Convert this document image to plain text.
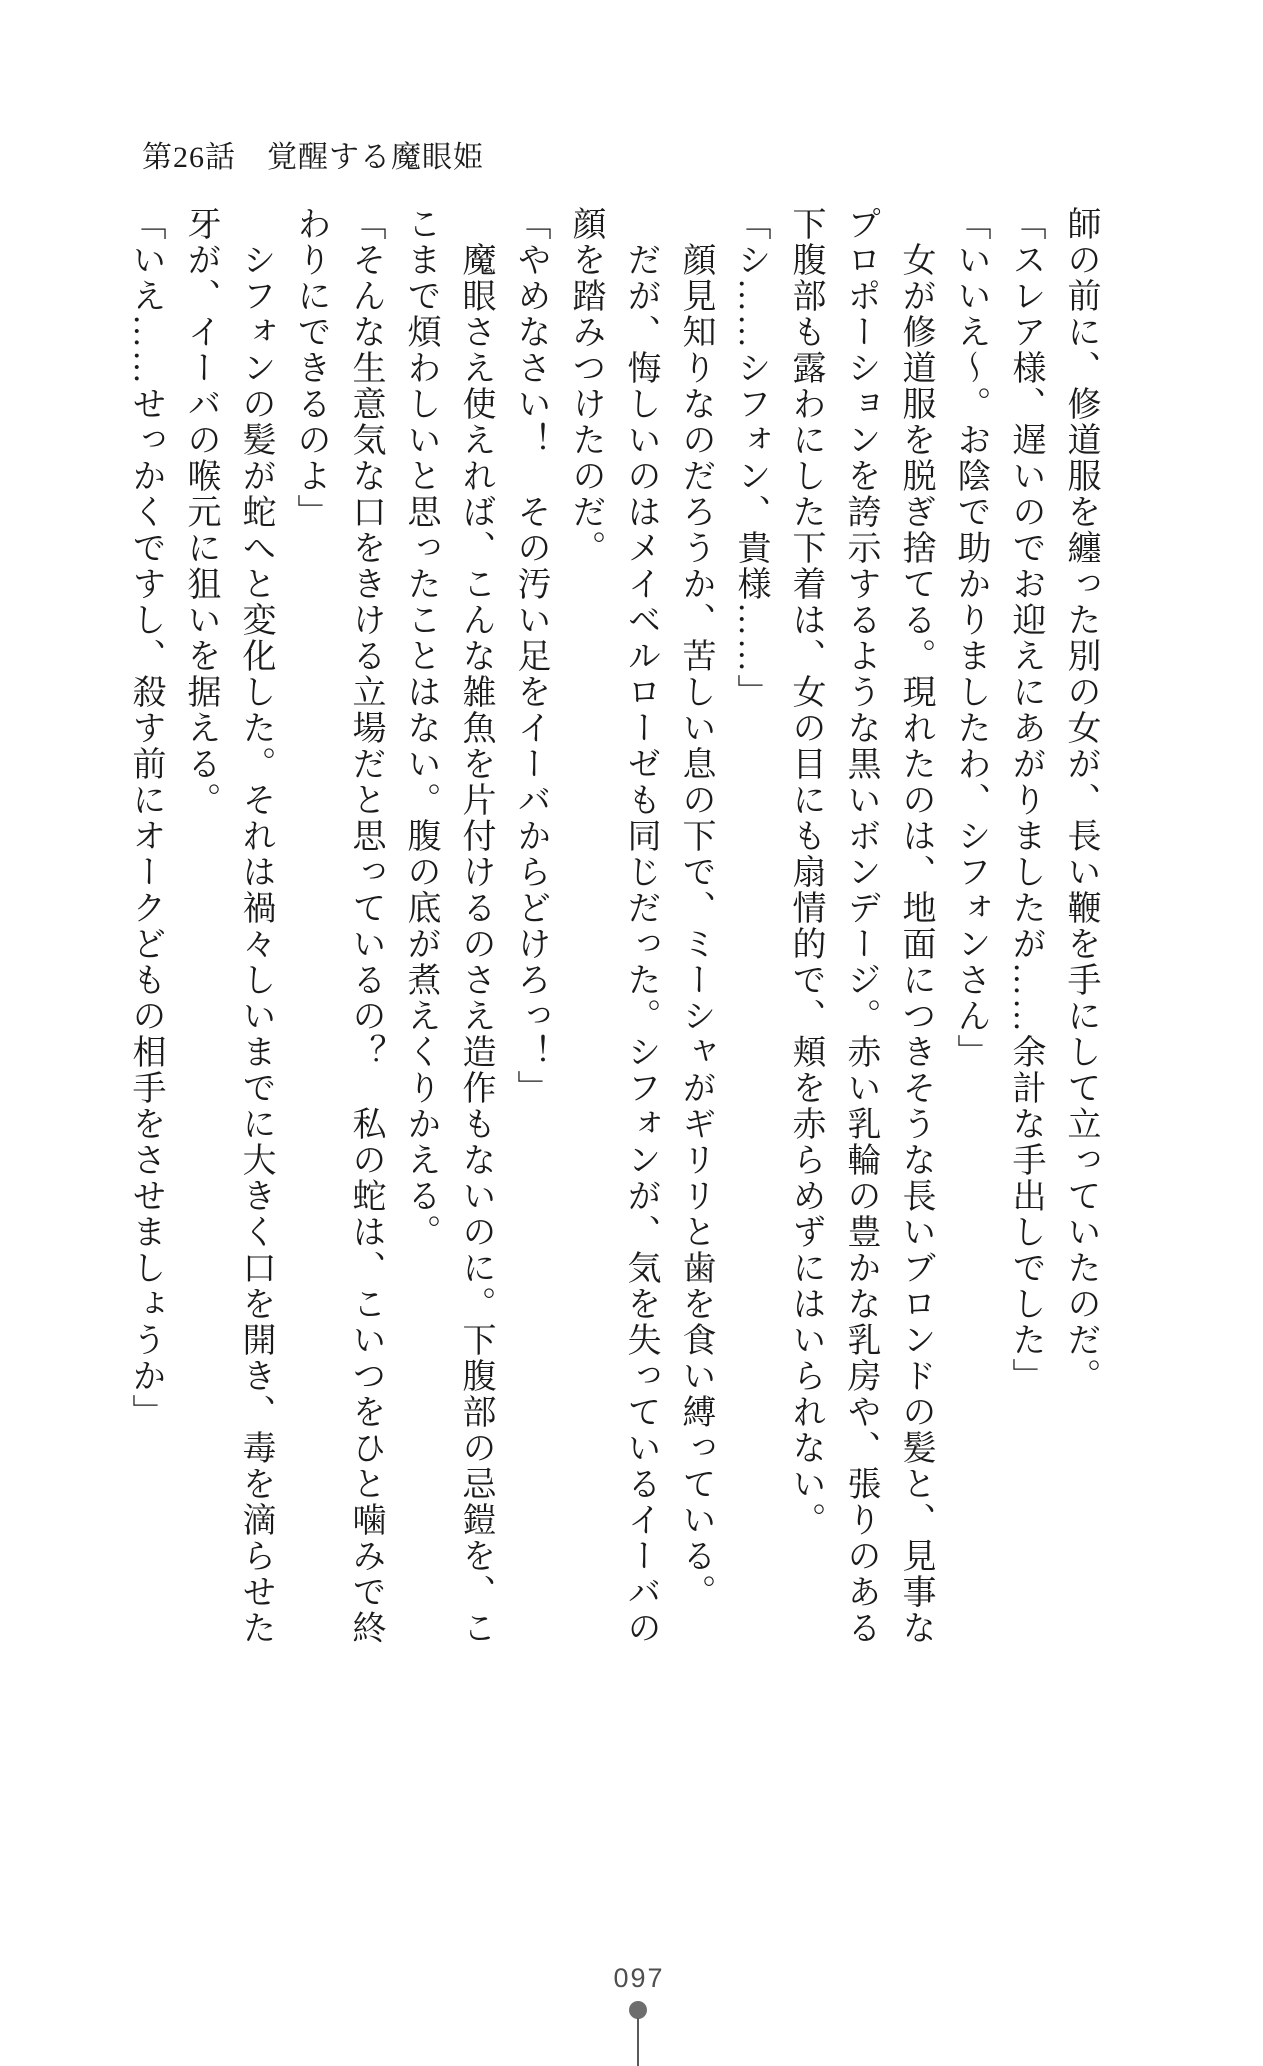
第26話　覚醒する魔眼姫

師の前に、修道服を纏った別の女が、長い鞭を手にして立っていたのだ。

「スレア様、遅いのでお迎えにあがりましたが……余計な手出しでした」

「いいえ～。お陰で助かりましたわ、シフォンさん」

　女が修道服を脱ぎ捨てる。現れたのは、地面につきそうな長いブロンドの髪と、見事な

プロポーションを誇示するような黒いボンデージ。赤い乳輪の豊かな乳房や、張りのある

下腹部も露わにした下着は、女の目にも扇情的で、頬を赤らめずにはいられない。

「シ……シフォン、貴様……」

　顔見知りなのだろうか、苦しい息の下で、ミーシャがギリリと歯を食い縛っている。

　だが、悔しいのはメイベルローゼも同じだった。シフォンが、気を失っているイーバの

顔を踏みつけたのだ。

「やめなさい！　その汚い足をイーバからどけろっ！」

　魔眼さえ使えれば、こんな雑魚を片付けるのさえ造作もないのに。下腹部の忌鎧を、こ

こまで煩わしいと思ったことはない。腹の底が煮えくりかえる。

「そんな生意気な口をきける立場だと思っているの？　私の蛇は、こいつをひと噛みで終

わりにできるのよ」

　シフォンの髪が蛇へと変化した。それは禍々しいまでに大きく口を開き、毒を滴らせた

牙が、イーバの喉元に狙いを据える。

「いえ……せっかくですし、殺す前にオークどもの相手をさせましょうか」

097
